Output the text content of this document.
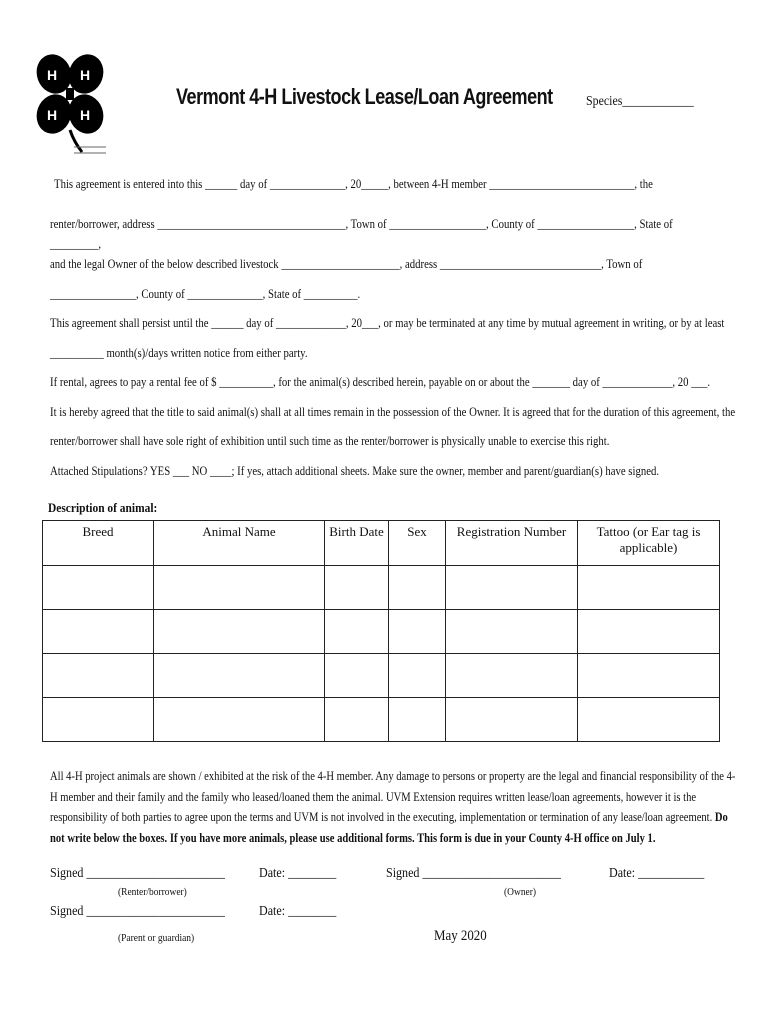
H H
H H
Vermont 4-H Livestock Lease/Loan Agreement Species____________
This agreement is entered into this ______ day of ______________, 20_____, between 4-H member ___________________________, the
renter/borrower, address ___________________________________, Town of __________________, County of __________________, State of
_________,
and the legal Owner of the below described livestock ______________________, address ______________________________, Town of
________________, County of ______________, State of __________.
This agreement shall persist until the ______ day of _____________, 20___, or may be terminated at any time by mutual agreement in writing, or by at least
__________ month(s)/days written notice from either party.
If rental, agrees to pay a rental fee of $ __________, for the animal(s) described herein, payable on or about the _______ day of _____________, 20 ___.
It is hereby agreed that the title to said animal(s) shall at all times remain in the possession of the Owner. It is agreed that for the duration of this agreement, the
renter/borrower shall have sole right of exhibition until such time as the renter/borrower is physically unable to exercise this right.
Attached Stipulations? YES ___ NO ____; If yes, attach additional sheets. Make sure the owner, member and parent/guardian(s) have signed.
Description of animal:
Breed	Animal Name	Birth Date	Sex	Registration Number	Tattoo (or Ear tag is applicable)

All 4-H project animals are shown / exhibited at the risk of the 4-H member. Any damage to persons or property are the legal and financial responsibility of the 4-H member and their family and the family who leased/loaned them the animal. UVM Extension requires written lease/loan agreements, however it is the responsibility of both parties to agree upon the terms and UVM is not involved in the executing, implementation or termination of any lease/loan agreement. Do not write below the boxes. If you have more animals, please use additional forms. This form is due in your County 4-H office on July 1.
Signed _______________________ Date: ________	Signed _______________________	Date: ___________
(Renter/borrower)	(Owner)
Signed _______________________ Date: ________
(Parent or guardian)	May 2020
